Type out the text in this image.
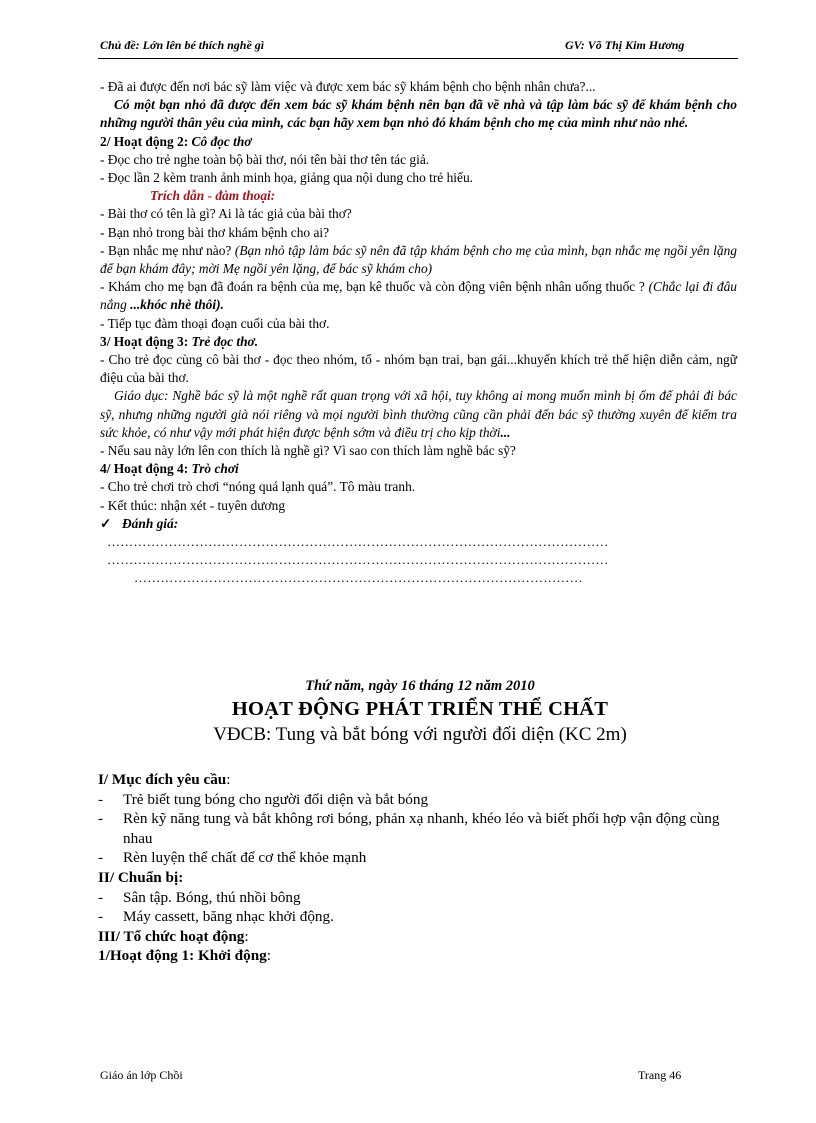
Chủ đề: Lớn lên bé thích nghề gì	GV: Võ Thị Kim Hương

- Đã ai được đến nơi bác sỹ làm việc và được xem bác sỹ khám bệnh cho bệnh nhân chưa?...

Có một bạn nhỏ đã được đến xem bác sỹ khám bệnh nên bạn đã về nhà và tập làm bác sỹ để khám bệnh cho những người thân yêu của mình, các bạn hãy xem bạn nhỏ đó khám bệnh cho mẹ của mình như nào nhé.

2/ Hoạt động 2: Cô đọc thơ

- Đọc cho trẻ nghe toàn bộ bài thơ, nói tên bài thơ tên tác giả.

- Đọc lần 2 kèm tranh ảnh minh họa, giảng qua nội dung cho trẻ hiểu.

Trích dẫn - đàm thoại:

- Bài thơ có tên là gì? Ai là tác giả của bài thơ?

- Bạn nhỏ trong bài thơ khám bệnh cho ai?

- Bạn nhắc mẹ như nào? (Bạn nhỏ tập làm bác sỹ nên đã tập khám bệnh cho mẹ của mình, bạn nhắc mẹ ngồi yên lặng để bạn khám đây; mời Mẹ ngồi yên lặng, để bác sỹ khám cho)

- Khám cho mẹ bạn đã đoán ra bệnh của mẹ, bạn kê thuốc và còn động viên bệnh nhân uống thuốc ? (Chắc lại đi đâu nắng ...khóc nhè thôi).

- Tiếp tục đàm thoại đoạn cuối của bài thơ.

3/ Hoạt động 3: Trẻ đọc thơ.

- Cho trẻ đọc cùng cô bài thơ - đọc theo nhóm, tổ - nhóm bạn trai, bạn gái...khuyến khích trẻ thể hiện diễn cảm, ngữ điệu của bài thơ.

Giáo dục: Nghề bác sỹ là một nghề rất quan trọng với xã hội, tuy không ai mong muốn mình bị ốm để phải đi bác sỹ, nhưng những người già nói riêng và mọi người bình thường cũng cần phải đến bác sỹ thường xuyên để kiểm tra sức khỏe, có như vậy mới phát hiện được bệnh sớm và điều trị cho kịp thời...

- Nếu sau này lớn lên con thích là nghề gì? Vì sao con thích làm nghề bác sỹ?

4/ Hoạt động 4: Trò chơi

- Cho trẻ chơi trò chơi “nóng quá lạnh quá”. Tô màu tranh.

- Kết thúc: nhận xét - tuyên dương

✓ Đánh giá:

……………………………………………………………………………………………………

……………………………………………………………………………………………………

…………………………………………………………………………………………

Thứ năm, ngày 16 tháng 12 năm 2010
HOẠT ĐỘNG PHÁT TRIỂN THỂ CHẤT
VĐCB: Tung và bắt bóng với người đối diện (KC 2m)

I/ Mục đích yêu cầu:

- Trẻ biết tung bóng cho người đối diện và bắt bóng

- Rèn kỹ năng tung và bắt không rơi bóng, phản xạ nhanh, khéo léo và biết phối hợp vận động cùng nhau

- Rèn luyện thể chất để cơ thể khỏe mạnh

II/ Chuẩn bị:

- Sân tập. Bóng, thú nhồi bông

- Máy cassett, băng nhạc khởi động.

III/ Tổ chức hoạt động:

1/Hoạt động 1: Khởi động:

Giáo án lớp Chồi	Trang 46
